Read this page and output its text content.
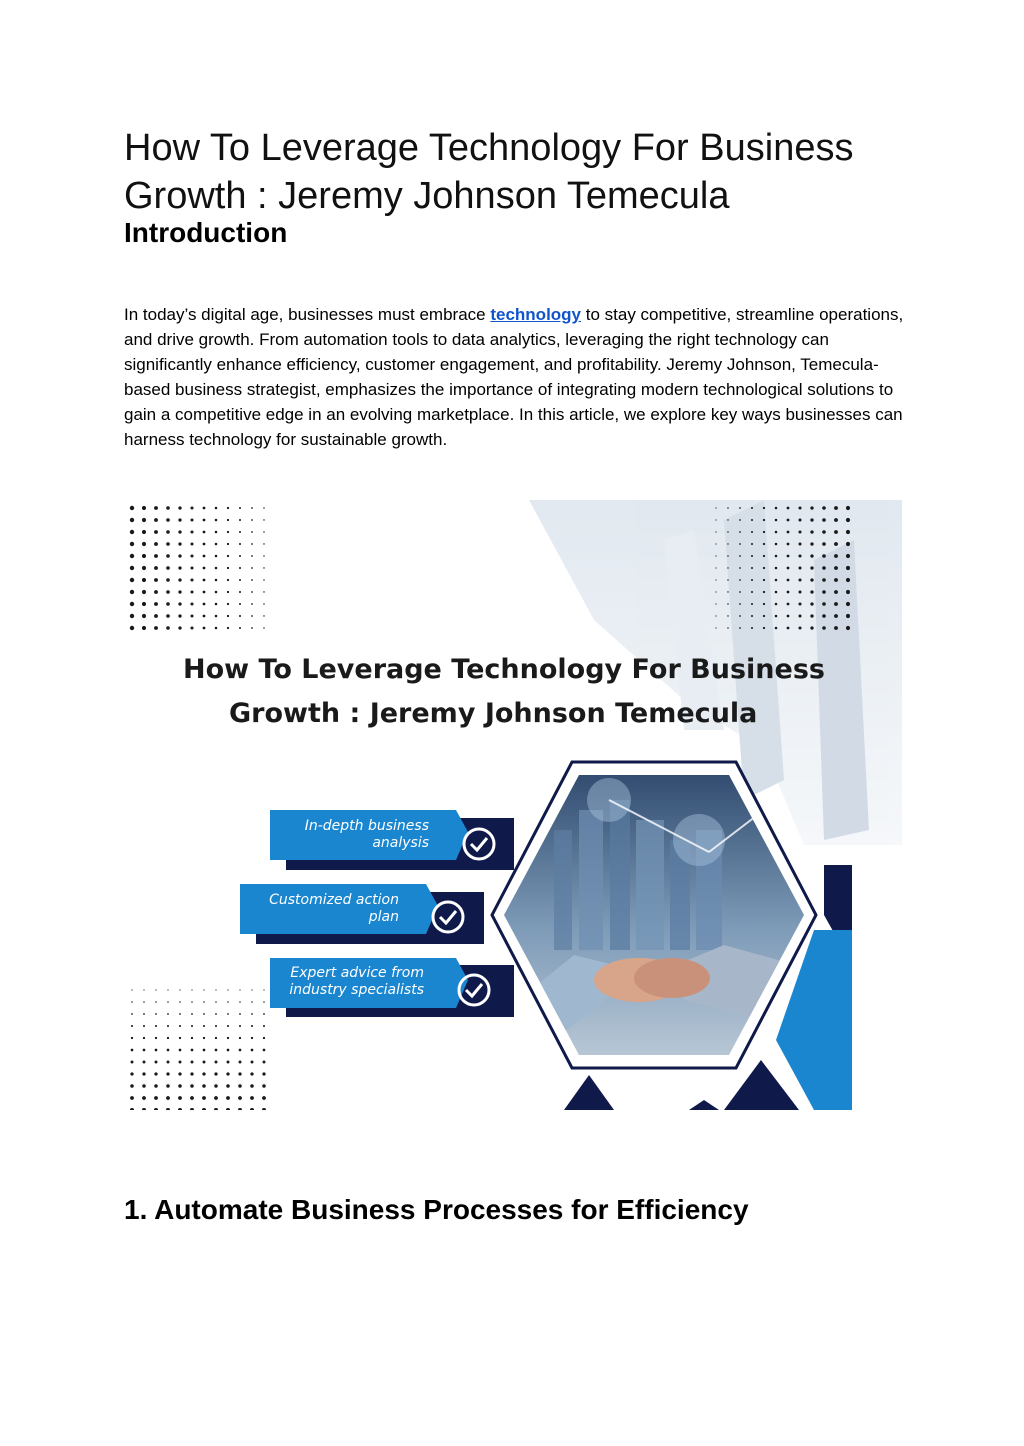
How To Leverage Technology For Business Growth : Jeremy Johnson Temecula
Introduction

In today’s digital age, businesses must embrace technology to stay competitive, streamline operations, and drive growth. From automation tools to data analytics, leveraging the right technology can significantly enhance efficiency, customer engagement, and profitability. Jeremy Johnson, Temecula-based business strategist, emphasizes the importance of integrating modern technological solutions to gain a competitive edge in an evolving marketplace. In this article, we explore key ways businesses can harness technology for sustainable growth.

How To Leverage Technology For Business
Growth : Jeremy Johnson Temecula
In-depth business
analysis
Customized action
plan
Expert advice from
industry specialists
1. Automate Business Processes for Efficiency
